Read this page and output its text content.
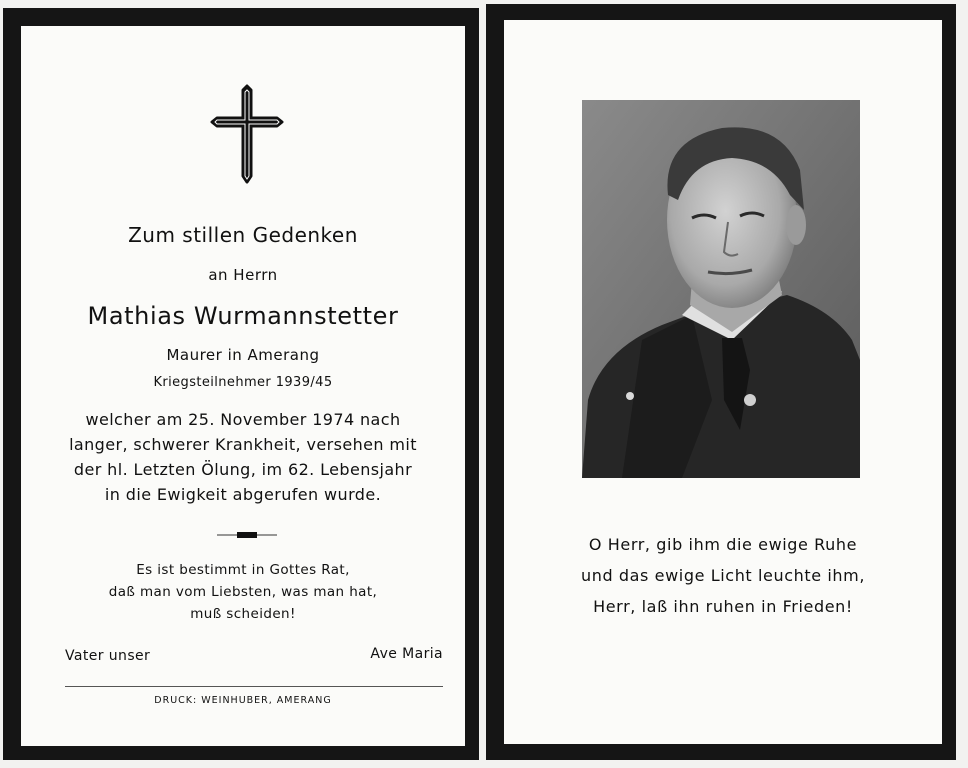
Zum stillen Gedenken
an Herrn
Mathias Wurmannstetter
Maurer in Amerang
Kriegsteilnehmer 1939/45
welcher am 25. November 1974 nach
langer, schwerer Krankheit, versehen mit
der hl. Letzten Ölung, im 62. Lebensjahr
in die Ewigkeit abgerufen wurde.
Es ist bestimmt in Gottes Rat,
daß man vom Liebsten, was man hat,
muß scheiden!
Vater unser	Ave Maria
DRUCK: WEINHUBER, AMERANG
O Herr, gib ihm die ewige Ruhe
und das ewige Licht leuchte ihm,
Herr, laß ihn ruhen in Frieden!
